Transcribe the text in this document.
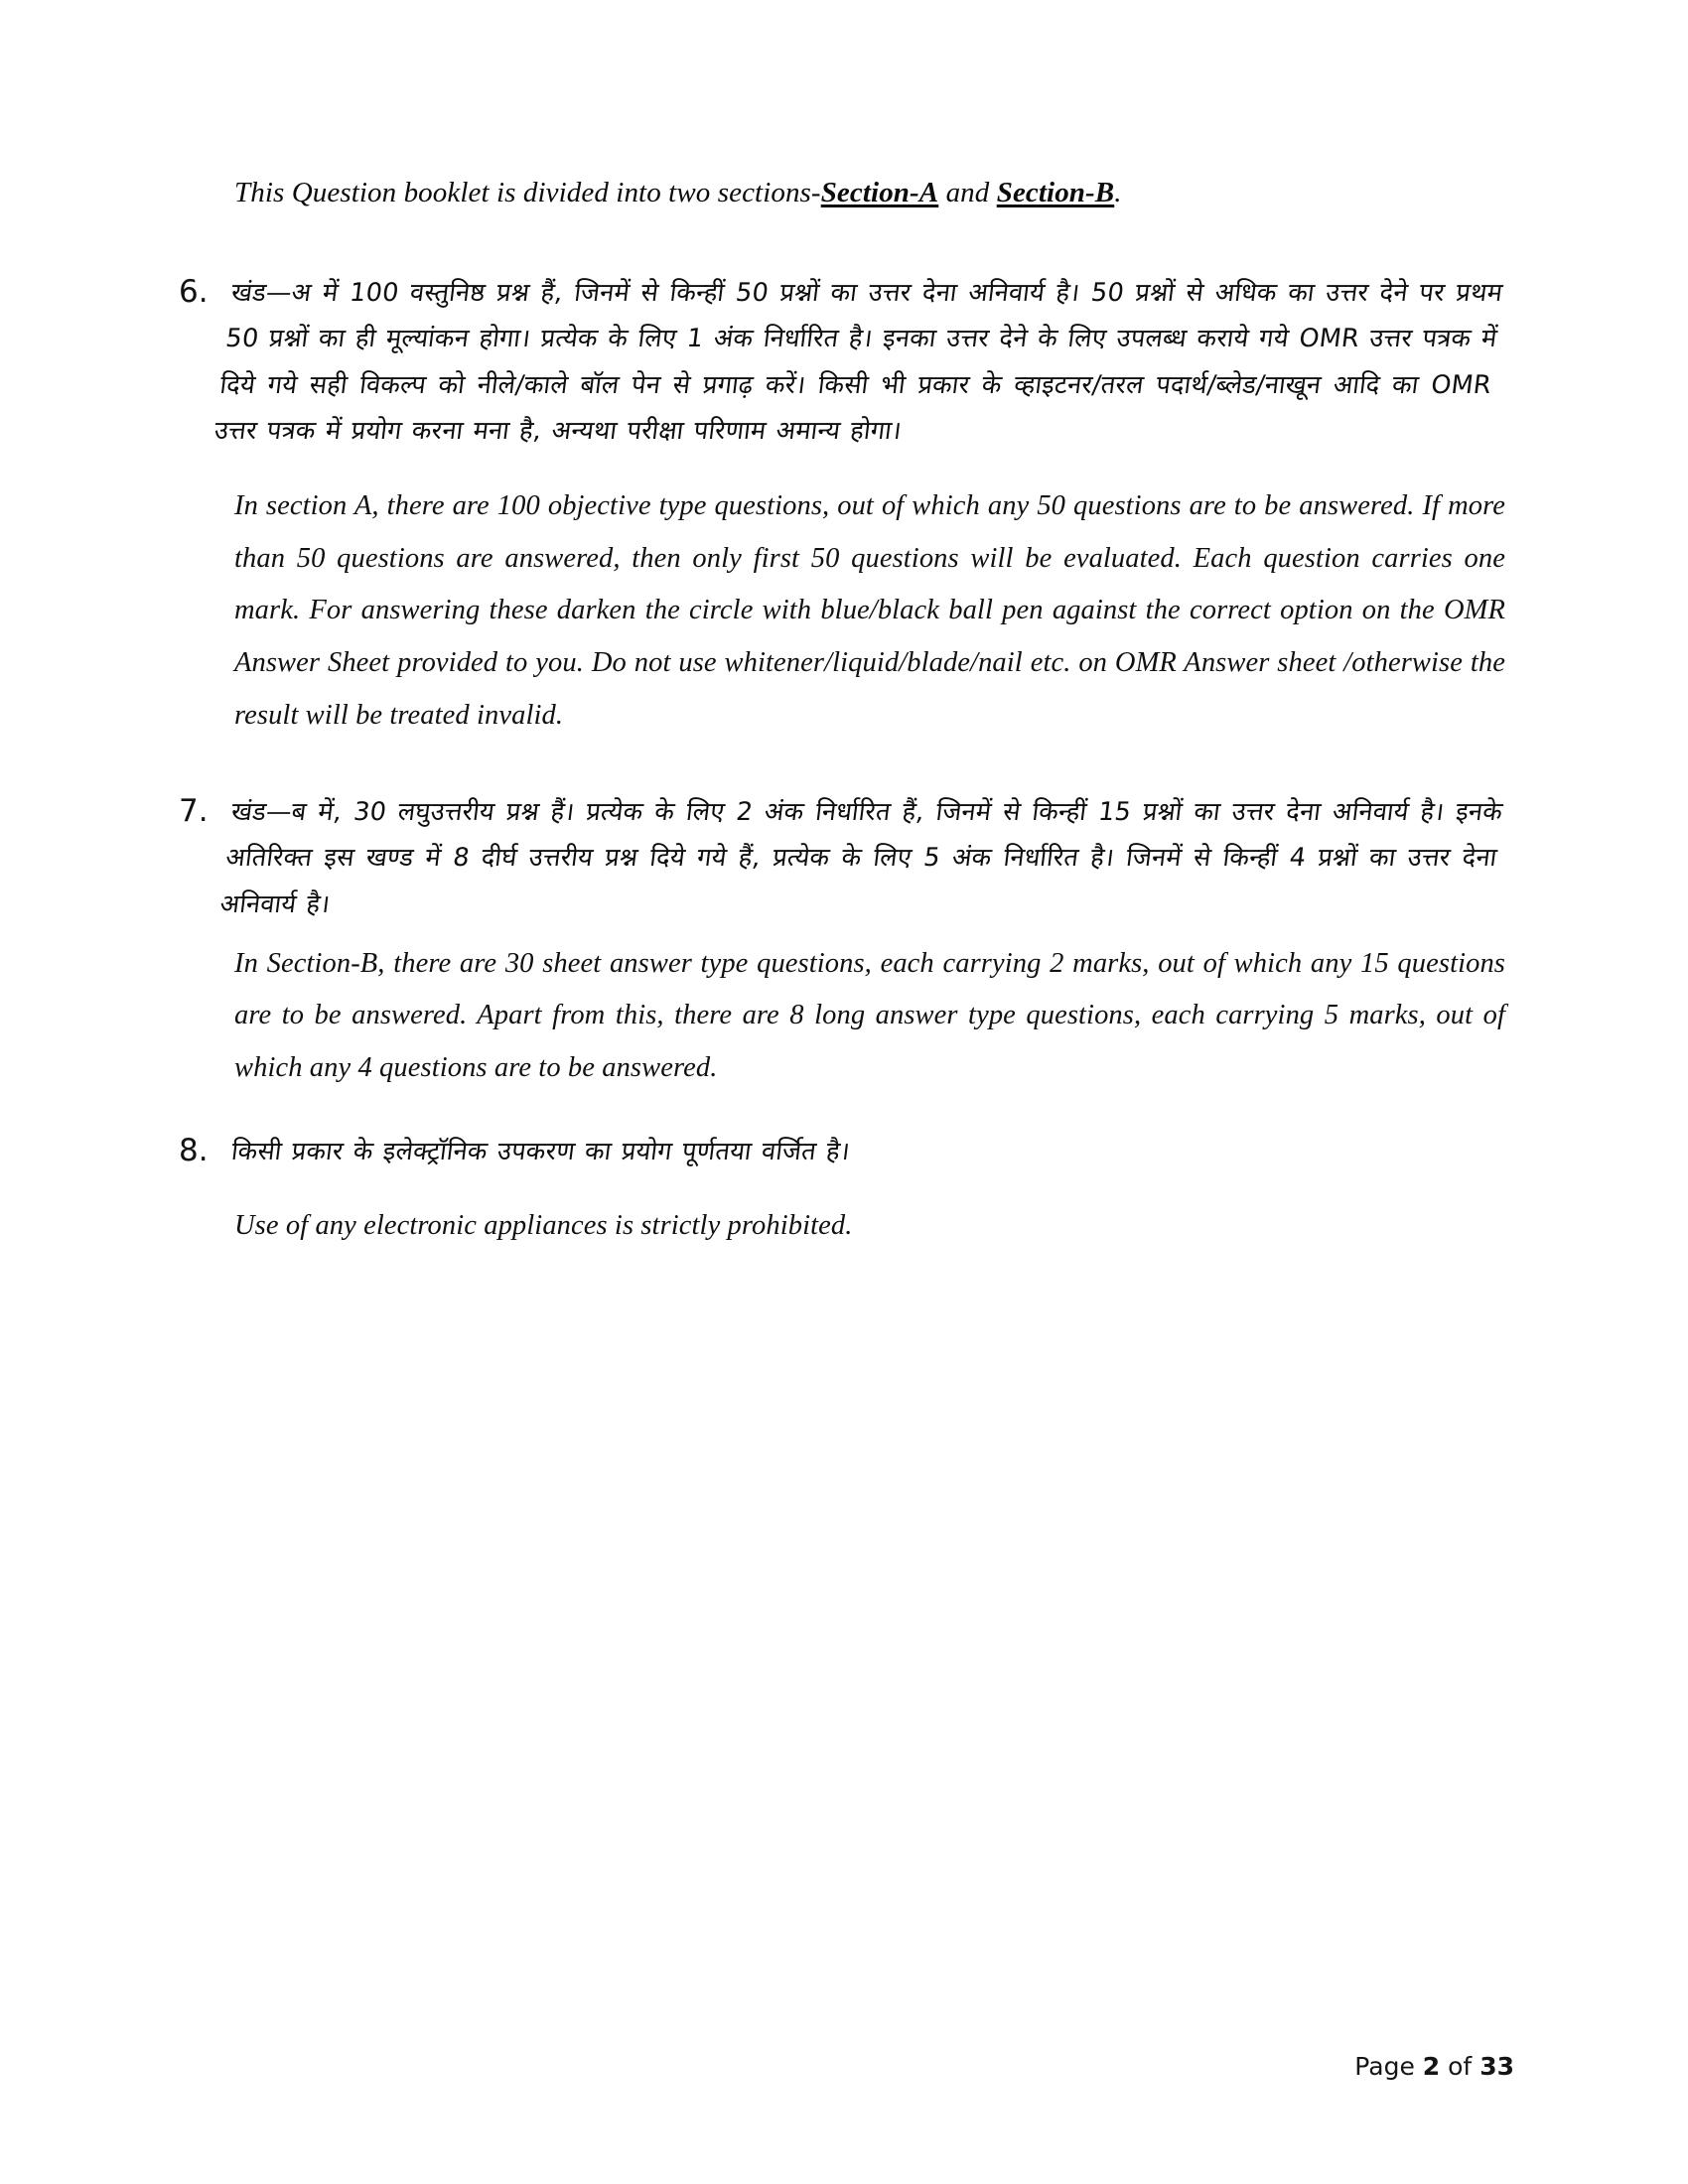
This Question booklet is divided into two sections-Section-A and Section-B.

6. खंड—अ में 100 वस्तुनिष्ठ प्रश्न हैं, जिनमें से किन्हीं 50 प्रश्नों का उत्तर देना अनिवार्य है। 50 प्रश्नों से अधिक का उत्तर देने पर प्रथम 50 प्रश्नों का ही मूल्यांकन होगा। प्रत्येक के लिए 1 अंक निर्धारित है। इनका उत्तर देने के लिए उपलब्ध कराये गये OMR उत्तर पत्रक में दिये गये सही विकल्प को नीले/काले बॉल पेन से प्रगाढ़ करें। किसी भी प्रकार के व्हाइटनर/तरल पदार्थ/ब्लेड/नाखून आदि का OMR उत्तर पत्रक में प्रयोग करना मना है, अन्यथा परीक्षा परिणाम अमान्य होगा।

In section A, there are 100 objective type questions, out of which any 50 questions are to be answered. If more than 50 questions are answered, then only first 50 questions will be evaluated. Each question carries one mark. For answering these darken the circle with blue/black ball pen against the correct option on the OMR Answer Sheet provided to you. Do not use whitener/liquid/blade/nail etc. on OMR Answer sheet /otherwise the result will be treated invalid.

7. खंड—ब में, 30 लघुउत्तरीय प्रश्न हैं। प्रत्येक के लिए 2 अंक निर्धारित हैं, जिनमें से किन्हीं 15 प्रश्नों का उत्तर देना अनिवार्य है। इनके अतिरिक्त इस खण्ड में 8 दीर्घ उत्तरीय प्रश्न दिये गये हैं, प्रत्येक के लिए 5 अंक निर्धारित है। जिनमें से किन्हीं 4 प्रश्नों का उत्तर देना अनिवार्य है।

In Section-B, there are 30 sheet answer type questions, each carrying 2 marks, out of which any 15 questions are to be answered. Apart from this, there are 8 long answer type questions, each carrying 5 marks, out of which any 4 questions are to be answered.

8. किसी प्रकार के इलेक्ट्रॉनिक उपकरण का प्रयोग पूर्णतया वर्जित है।

Use of any electronic appliances is strictly prohibited.

Page 2 of 33
